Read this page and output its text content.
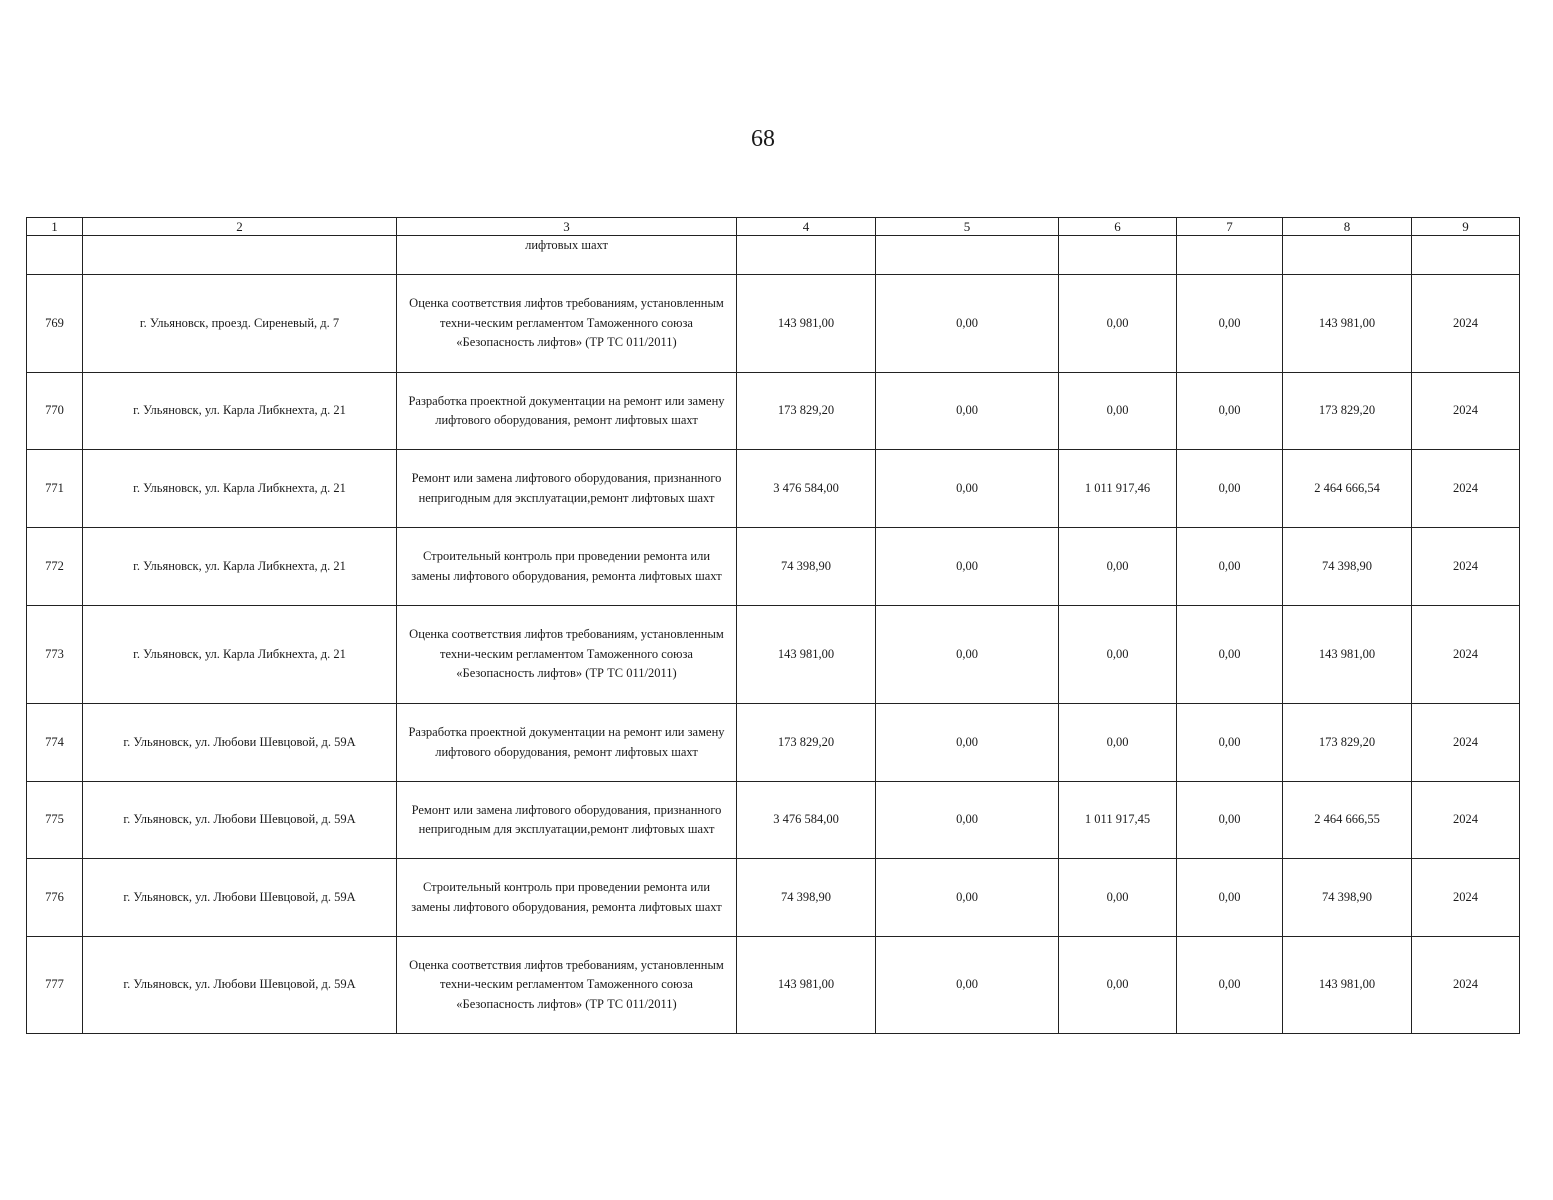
68
1	2	3	4	5	6	7	8	9
		лифтовых шахт						
769	г. Ульяновск, проезд. Сиреневый, д. 7	Оценка соответствия лифтов требованиям, установленным техни-ческим регламентом Таможенного союза «Безопасность лифтов» (ТР ТС 011/2011)	143 981,00	0,00	0,00	0,00	143 981,00	2024
770	г. Ульяновск, ул. Карла Либкнехта, д. 21	Разработка проектной документации на ремонт или замену лифтового оборудования, ремонт лифтовых шахт	173 829,20	0,00	0,00	0,00	173 829,20	2024
771	г. Ульяновск, ул. Карла Либкнехта, д. 21	Ремонт или замена лифтового оборудования, признанного непригодным для эксплуатации,ремонт лифтовых шахт	3 476 584,00	0,00	1 011 917,46	0,00	2 464 666,54	2024
772	г. Ульяновск, ул. Карла Либкнехта, д. 21	Строительный контроль при проведении ремонта или замены лифтового оборудования, ремонта лифтовых шахт	74 398,90	0,00	0,00	0,00	74 398,90	2024
773	г. Ульяновск, ул. Карла Либкнехта, д. 21	Оценка соответствия лифтов требованиям, установленным техни-ческим регламентом Таможенного союза «Безопасность лифтов» (ТР ТС 011/2011)	143 981,00	0,00	0,00	0,00	143 981,00	2024
774	г. Ульяновск, ул. Любови Шевцовой, д. 59А	Разработка проектной документации на ремонт или замену лифтового оборудования, ремонт лифтовых шахт	173 829,20	0,00	0,00	0,00	173 829,20	2024
775	г. Ульяновск, ул. Любови Шевцовой, д. 59А	Ремонт или замена лифтового оборудования, признанного непригодным для эксплуатации,ремонт лифтовых шахт	3 476 584,00	0,00	1 011 917,45	0,00	2 464 666,55	2024
776	г. Ульяновск, ул. Любови Шевцовой, д. 59А	Строительный контроль при проведении ремонта или замены лифтового оборудования, ремонта лифтовых шахт	74 398,90	0,00	0,00	0,00	74 398,90	2024
777	г. Ульяновск, ул. Любови Шевцовой, д. 59А	Оценка соответствия лифтов требованиям, установленным техни-ческим регламентом Таможенного союза «Безопасность лифтов» (ТР ТС 011/2011)	143 981,00	0,00	0,00	0,00	143 981,00	2024
